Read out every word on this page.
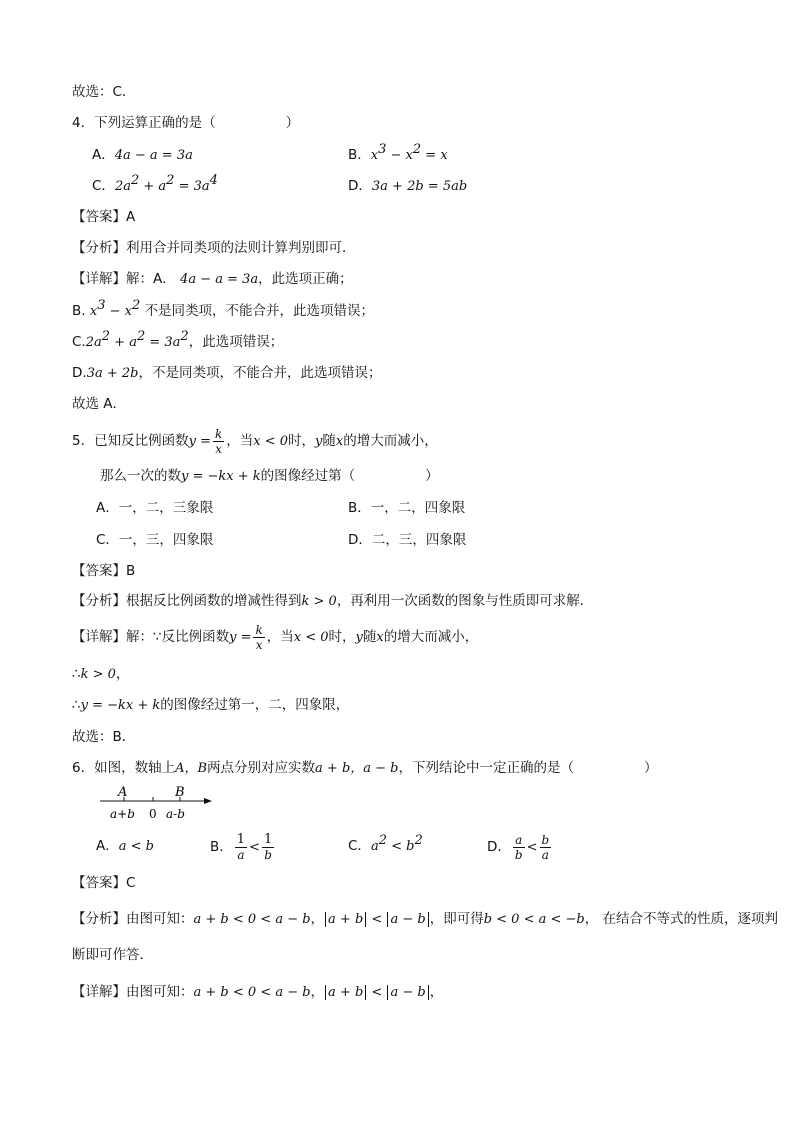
故选：C．
4．下列运算正确的是（	）
A．4a − a = 3a	B．$x^3 - x^2 = x$
C．$2a^2 + a^2 = 3a^4$	D．3a + 2b = 5ab
【答案】A
【分析】利用合并同类项的法则计算判别即可．
【详解】解：A． 4a − a = 3a，此选项正确；
B. $x^3 - x^2$ 不是同类项，不能合并，此选项错误；
$C.2a^2 + a^2 = 3a^2$，此选项错误；
D.3a + 2b，不是同类项，不能合并，此选项错误；
故选 A．
5．已知反比例函数$y = \frac{k}{x}$ ，当x < 0时，y随x的增大而减小，
那么一次的数y = −kx + k的图像经过第（	）
A．一，二，三象限	B．一，二，四象限
C．一，三，四象限	D．二，三，四象限
【答案】B
【分析】根据反比例函数的增减性得到k > 0，再利用一次函数的图象与性质即可求解．
【详解】解：∵反比例函数$y = \frac{k}{x}$ ，当x < 0时，y随x的增大而减小，
∴k > 0，
∴y = −kx + k的图像经过第一，二，四象限，
故选：B．
6．如图，数轴上A，B两点分别对应实数a + b，a − b，下列结论中一定正确的是（	）
A	B
a+b 0 a-b
A．a < b	B． $\frac{1}{a} < \frac{1}{b}$	C．$a^2 < b^2$	D． $\frac{a}{b} < \frac{b}{a}$
【答案】C
【分析】由图可知：a + b < 0 < a − b， a + b < a − b ，即可得b < 0 < a < −b， 在结合不等式的性质，逐项判
断即可作答．
【详解】由图可知：a + b < 0 < a − b， a + b < a − b ，
